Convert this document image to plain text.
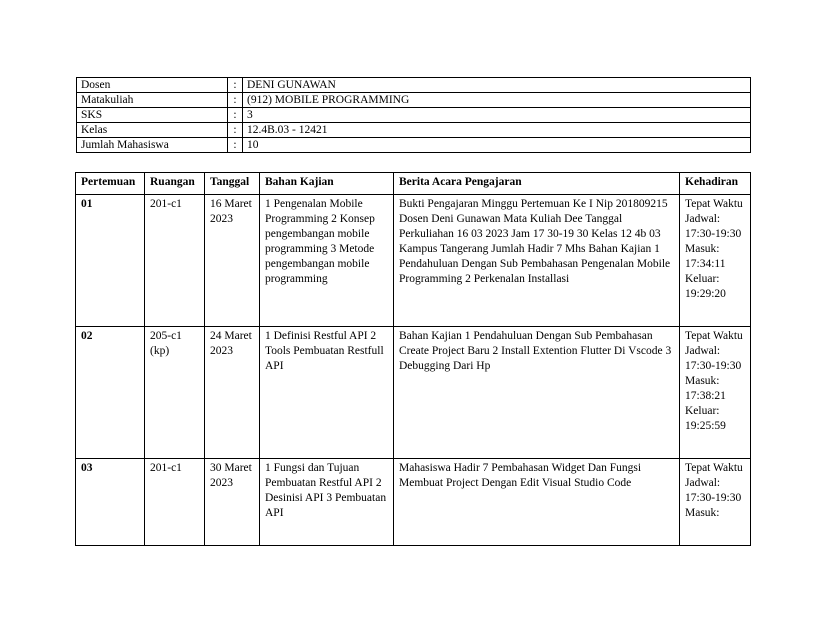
Dosen	:	DENI GUNAWAN
Matakuliah	:	(912) MOBILE PROGRAMMING
SKS	:	3
Kelas	:	12.4B.03 - 12421
Jumlah Mahasiswa	:	10
Pertemuan	Ruangan	Tanggal	Bahan Kajian	Berita Acara Pengajaran	Kehadiran
01	201-c1	16 Maret 2023	1 Pengenalan Mobile Programming 2 Konsep pengembangan mobile programming 3 Metode pengembangan mobile programming	Bukti Pengajaran Minggu Pertemuan Ke I Nip 201809215 Dosen Deni Gunawan Mata Kuliah Dee Tanggal Perkuliahan 16 03 2023 Jam 17 30-19 30 Kelas 12 4b 03 Kampus Tangerang Jumlah Hadir 7 Mhs Bahan Kajian 1 Pendahuluan Dengan Sub Pembahasan Pengenalan Mobile Programming 2 Perkenalan Installasi	Tepat Waktu Jadwal: 17:30-19:30 Masuk: 17:34:11 Keluar: 19:29:20
02	205-c1 (kp)	24 Maret 2023	1 Definisi Restful API 2 Tools Pembuatan Restfull API	Bahan Kajian 1 Pendahuluan Dengan Sub Pembahasan Create Project Baru 2 Install Extention Flutter Di Vscode 3 Debugging Dari Hp	Tepat Waktu Jadwal: 17:30-19:30 Masuk: 17:38:21 Keluar: 19:25:59
03	201-c1	30 Maret 2023	1 Fungsi dan Tujuan Pembuatan Restful API 2 Desinisi API 3 Pembuatan API	Mahasiswa Hadir 7 Pembahasan Widget Dan Fungsi Membuat Project Dengan Edit Visual Studio Code	Tepat Waktu Jadwal: 17:30-19:30 Masuk:
